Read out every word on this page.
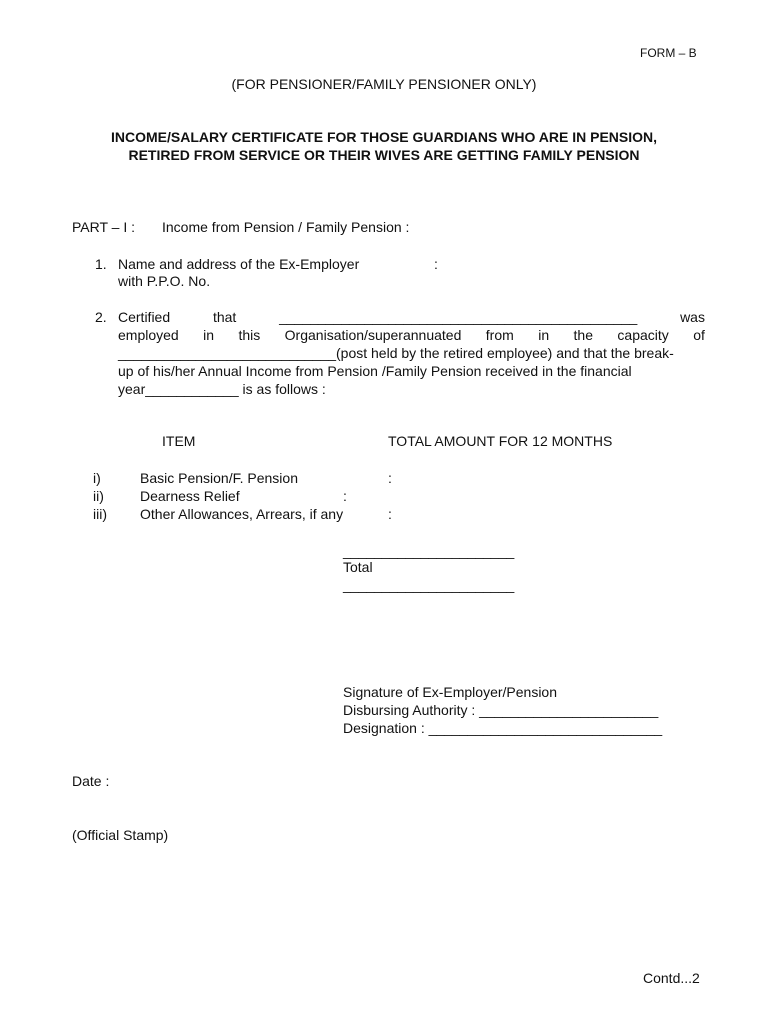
FORM – B
(FOR PENSIONER/FAMILY PENSIONER ONLY)
INCOME/SALARY CERTIFICATE FOR THOSE GUARDIANS WHO ARE IN PENSION,
RETIRED FROM SERVICE OR THEIR WIVES ARE GETTING FAMILY PENSION
PART – I : Income from Pension / Family Pension :
1. Name and address of the Ex-Employer	:
with P.P.O. No.
2. Certified	that	______________________________________________	was
employed in this Organisation/superannuated from in the capacity of
____________________________(post held by the retired employee) and that the break-
up of his/her Annual Income from Pension /Family Pension received in the financial
year____________ is as follows :
ITEM	TOTAL AMOUNT FOR 12 MONTHS
i)	Basic Pension/F. Pension	:
ii)	Dearness Relief	:
iii) Other Allowances, Arrears, if any	:
______________________
Total
______________________
Signature of Ex-Employer/Pension
Disbursing Authority : _______________________
Designation : ______________________________
Date :
(Official Stamp)
Contd...2
